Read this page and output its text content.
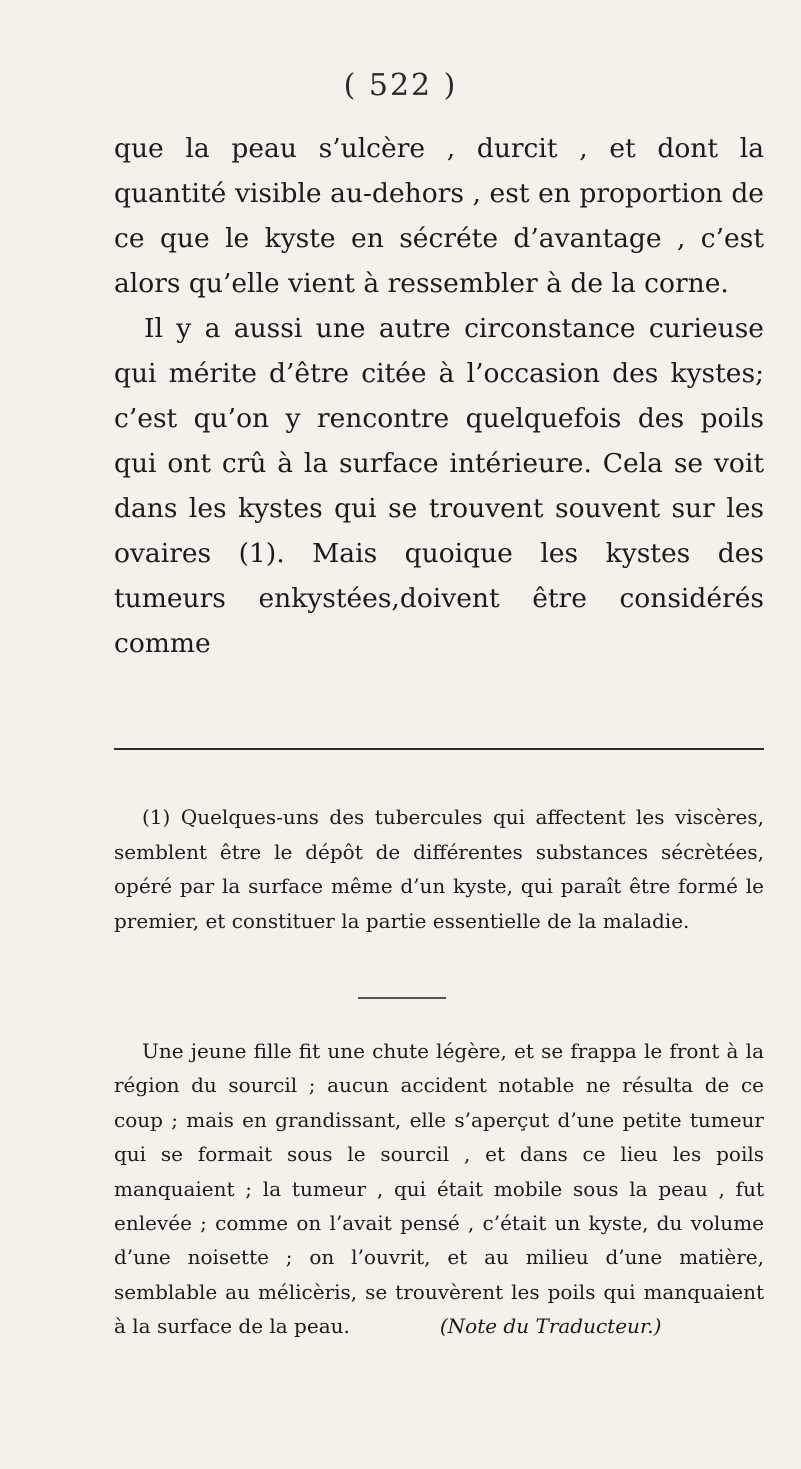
( 522 )

que la peau s’ulcère , durcit , et dont la quantité visible au-dehors , est en proportion de ce que le kyste en sécréte d’avantage , c’est alors qu’elle vient à ressembler à de la corne.

Il y a aussi une autre circonstance curieuse qui mérite d’être citée à l’occasion des kystes; c’est qu’on y rencontre quelquefois des poils qui ont crû à la surface intérieure. Cela se voit dans les kystes qui se trouvent souvent sur les ovaires (1). Mais quoique les kystes des tumeurs enkystées,doivent être considérés comme

(1) Quelques-uns des tubercules qui affectent les viscères, semblent être le dépôt de différentes substances sécrètées, opéré par la surface même d’un kyste, qui paraît être formé le premier, et constituer la partie essentielle de la maladie.

Une jeune fille fit une chute légère, et se frappa le front à la région du sourcil ; aucun accident notable ne résulta de ce coup ; mais en grandissant, elle s’aperçut d’une petite tumeur qui se formait sous le sourcil , et dans ce lieu les poils manquaient ; la tumeur , qui était mobile sous la peau , fut enlevée ; comme on l’avait pensé , c’était un kyste, du volume d’une noisette ; on l’ouvrit, et au milieu d’une matière, semblable au mélicèris, se trouvèrent les poils qui manquaient à la surface de la peau.	(Note du Traducteur.)
